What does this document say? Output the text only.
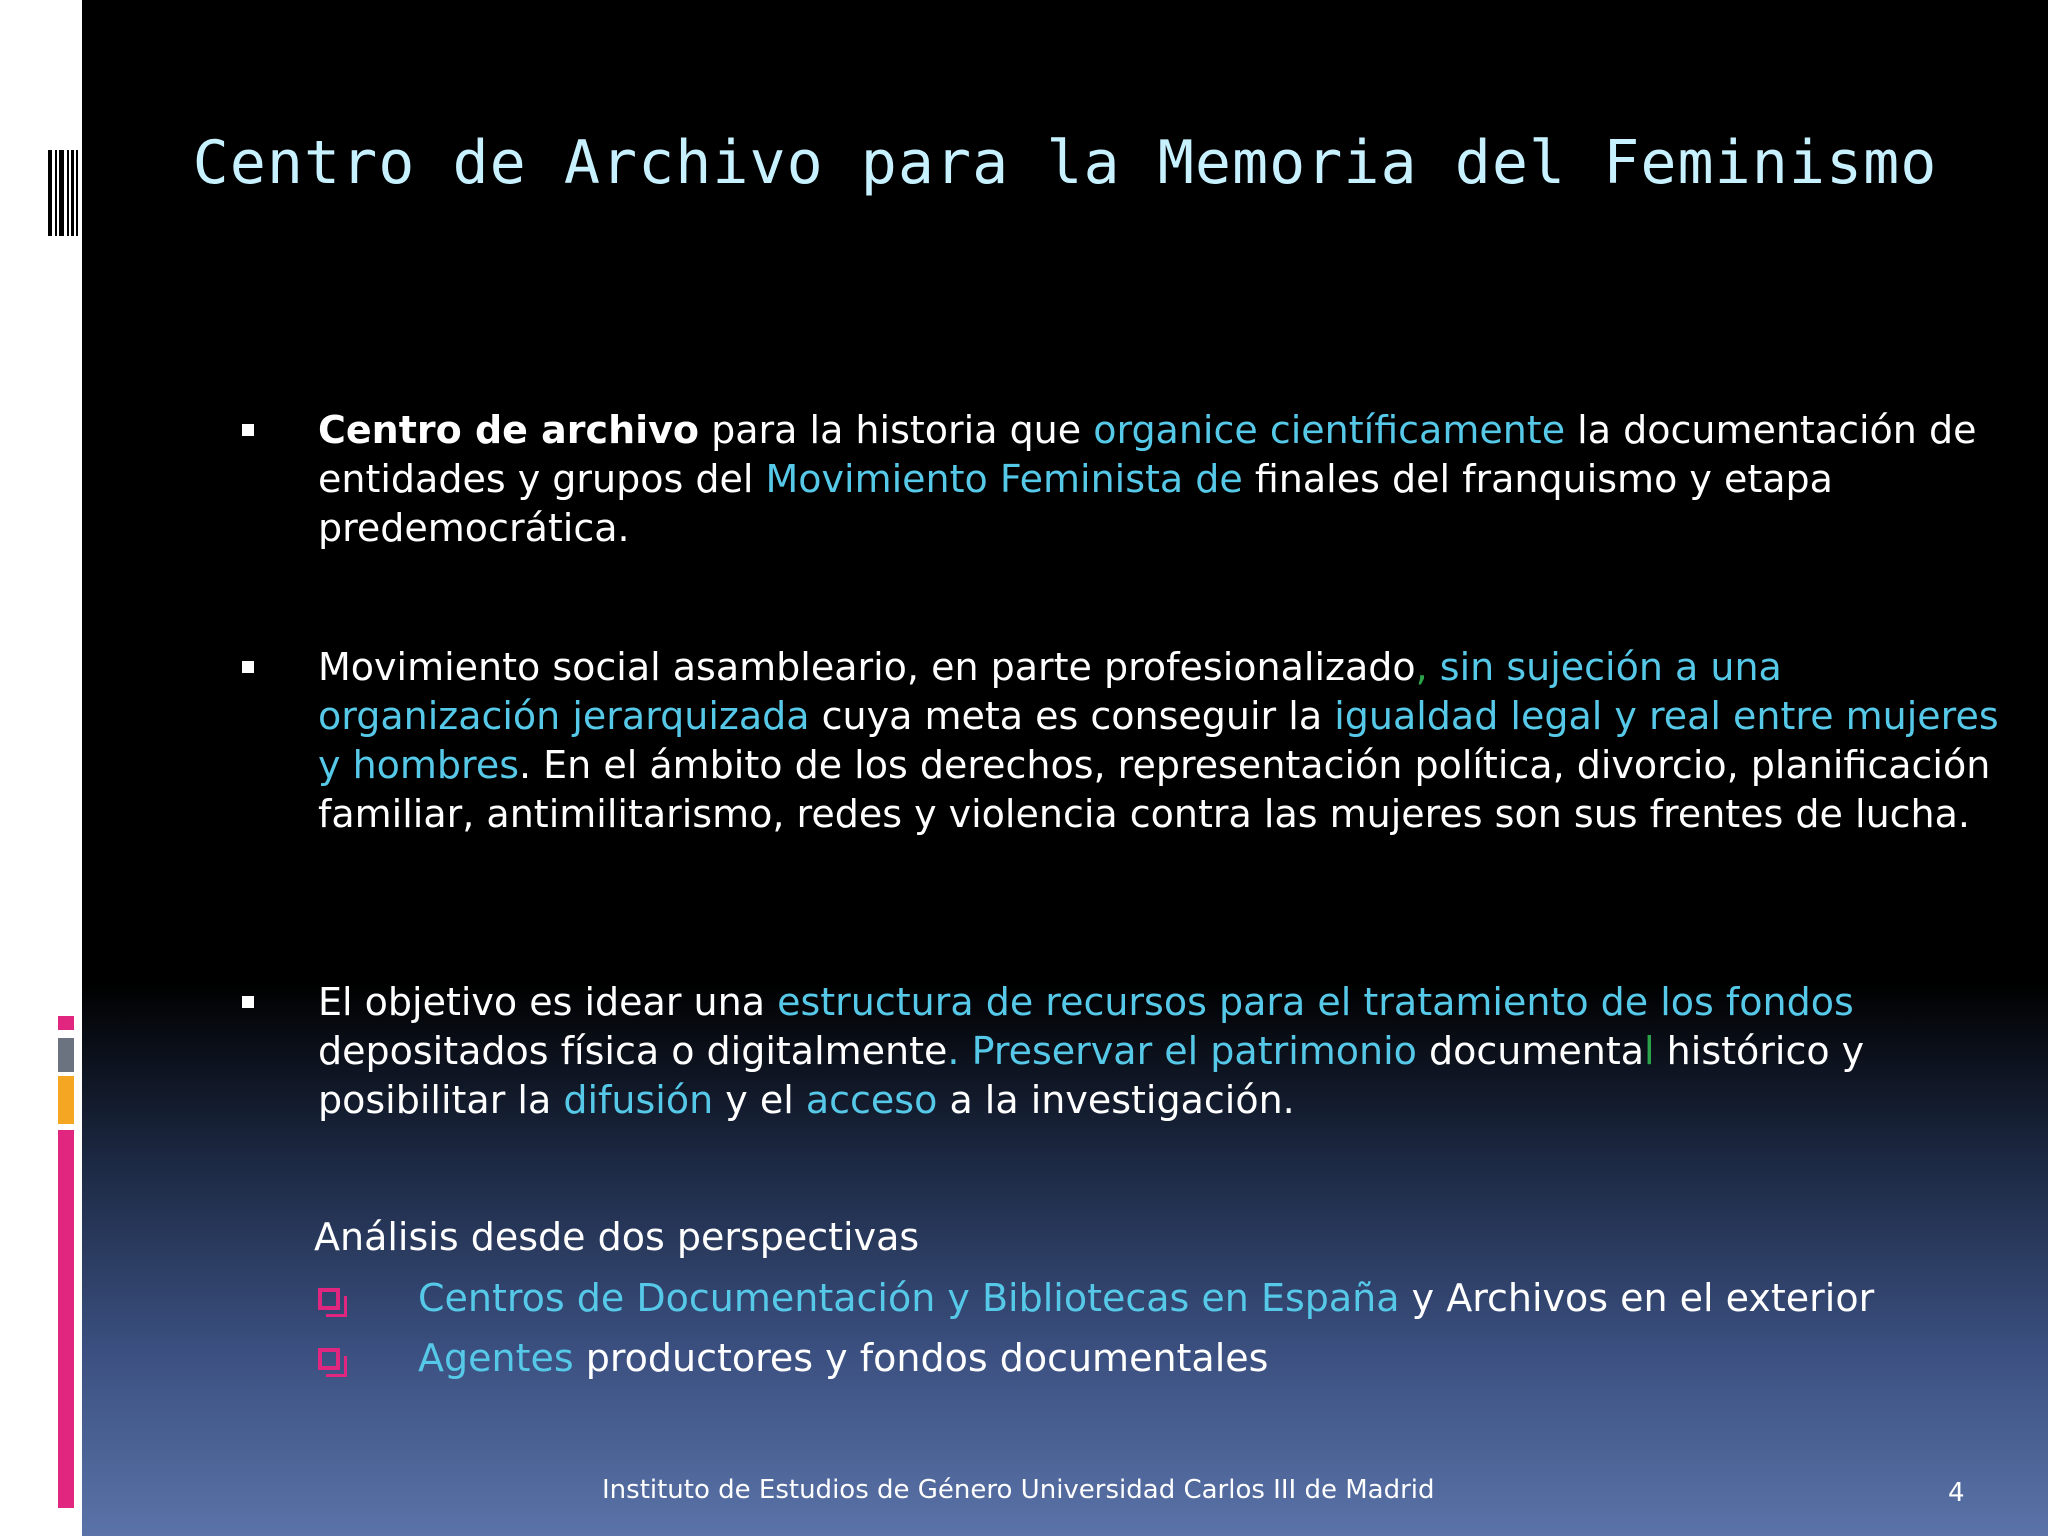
Centro de Archivo para la Memoria del Feminismo
Centro de archivo para la historia que organice científicamente la documentación de entidades y grupos del Movimiento Feminista de finales del franquismo y etapa predemocrática.
Movimiento social asambleario, en parte profesionalizado, sin sujeción a una organización jerarquizada cuya meta es conseguir la igualdad legal y real entre mujeres y hombres. En el ámbito de los derechos, representación política, divorcio, planificación familiar, antimilitarismo, redes y violencia contra las mujeres son sus frentes de lucha.
El objetivo es idear una estructura de recursos para el tratamiento de los fondos depositados física o digitalmente. Preservar el patrimonio documental histórico y posibilitar la difusión y el acceso a la investigación.
Análisis desde dos perspectivas
Centros de Documentación y Bibliotecas en España y Archivos en el exterior
Agentes productores y fondos documentales
Instituto de Estudios de Género Universidad Carlos III de Madrid	4
